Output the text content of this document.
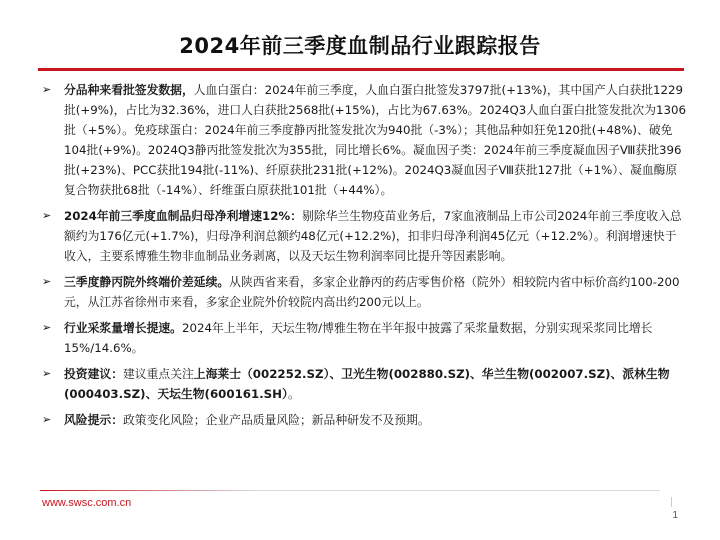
2024年前三季度血制品行业跟踪报告
➢ 分品种来看批签发数据，人血白蛋白：2024年前三季度，人血白蛋白批签发3797批(+13%)，其中国产人白获批1229批(+9%)，占比为32.36%，进口人白获批2568批(+15%)，占比为67.63%。2024Q3人血白蛋白批签发批次为1306批（+5%）。免疫球蛋白：2024年前三季度静丙批签发批次为940批（-3%）；其他品种如狂免120批(+48%)、破免104批(+9%)。2024Q3静丙批签发批次为355批，同比增长6%。凝血因子类：2024年前三季度凝血因子Ⅷ获批396批(+23%)、PCC获批194批(-11%)、纤原获批231批(+12%)。2024Q3凝血因子Ⅷ获批127批（+1%）、凝血酶原复合物获批68批（-14%）、纤维蛋白原获批101批（+44%）。
➢ 2024年前三季度血制品归母净利增速12%：剔除华兰生物疫苗业务后，7家血液制品上市公司2024年前三季度收入总额约为176亿元(+1.7%)，归母净利润总额约48亿元(+12.2%)，扣非归母净利润45亿元（+12.2%）。利润增速快于收入，主要系博雅生物非血制品业务剥离，以及天坛生物利润率同比提升等因素影响。
➢ 三季度静丙院外终端价差延续。从陕西省来看，多家企业静丙的药店零售价格（院外）相较院内省中标价高约100-200元，从江苏省徐州市来看，多家企业院外价较院内高出约200元以上。
➢ 行业采浆量增长提速。2024年上半年，天坛生物/博雅生物在半年报中披露了采浆量数据，分别实现采浆同比增长15%/14.6%。
➢ 投资建议：建议重点关注上海莱士（002252.SZ）、卫光生物(002880.SZ)、华兰生物(002007.SZ)、派林生物(000403.SZ)、天坛生物(600161.SH）。
➢ 风险提示：政策变化风险；企业产品质量风险；新品种研发不及预期。
www.swsc.com.cn
1
